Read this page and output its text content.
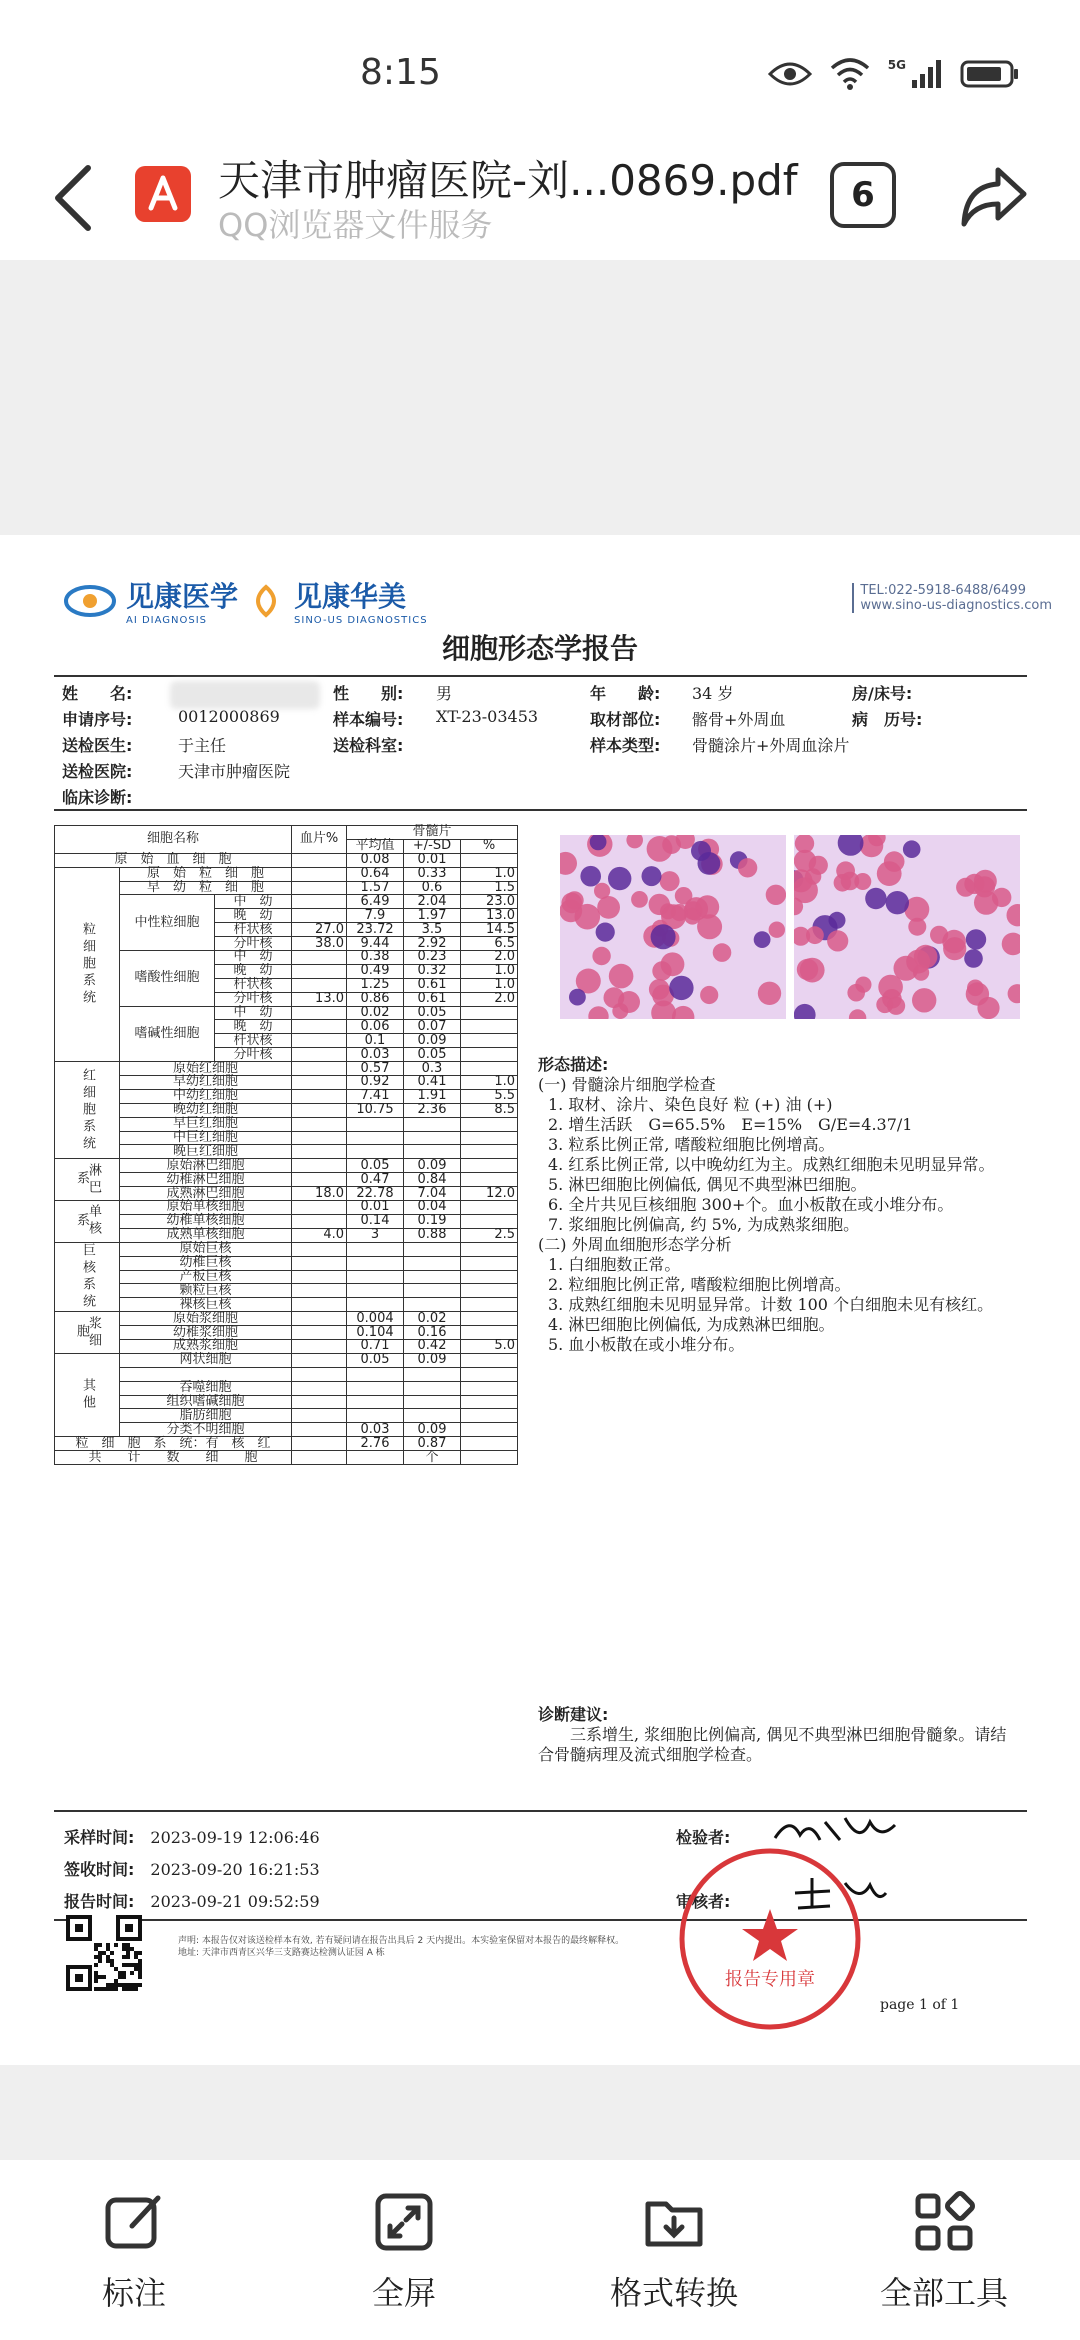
8:15	5G
天津市肿瘤医院-刘...0869.pdf
QQ浏览器文件服务
6
见康医学
AI DIAGNOSIS
见康华美
SINO-US DIAGNOSTICS
TEL:022-5918-6488/6499
www.sino-us-diagnostics.com
细胞形态学报告
姓　　名:	性　　别: 男	年　　龄: 34 岁	房/床号:
申请序号:	0012000869	样本编号: XT-23-03453	取材部位: 髂骨+外周血	病　历号:
送检医生:	于主任	送检科室:	样本类型: 骨髓涂片+外周血涂片
送检医院:	天津市肿瘤医院
临床诊断:
细胞名称			血片%	骨髓片		
				平均值	+/-SD	%
原　始　血　细　胞				0.08	0.01	
粒细胞系统	原　始　粒　细　胞			0.64	0.33	1.0
	早　幼　粒　细　胞			1.57	0.6	1.5
	中性粒细胞	中　幼		6.49	2.04	23.0
		晚　幼		7.9	1.97	13.0
		杆状核	27.0	23.72	3.5	14.5
		分叶核	38.0	9.44	2.92	6.5
	嗜酸性细胞	中　幼		0.38	0.23	2.0
		晚　幼		0.49	0.32	1.0
		杆状核		1.25	0.61	1.0
		分叶核	13.0	0.86	0.61	2.0
	嗜碱性细胞	中　幼		0.02	0.05	
		晚　幼		0.06	0.07	
		杆状核		0.1	0.09	
		分叶核		0.03	0.05	
红细胞系统	原始红细胞			0.57	0.3	
	早幼红细胞			0.92	0.41	1.0
	中幼红细胞			7.41	1.91	5.5
	晚幼红细胞			10.75	2.36	8.5
	早巨红细胞					
	中巨红细胞					
	晚巨红细胞					
淋巴系	原始淋巴细胞			0.05	0.09	
	幼稚淋巴细胞			0.47	0.84	
	成熟淋巴细胞		18.0	22.78	7.04	12.0
单核系	原始单核细胞			0.01	0.04	
	幼稚单核细胞			0.14	0.19	
	成熟单核细胞		4.0	3	0.88	2.5
巨核系统	原始巨核					
	幼稚巨核					
	产板巨核					
	颗粒巨核					
	裸核巨核					
浆细胞	原始浆细胞			0.004	0.02	
	幼稚浆细胞			0.104	0.16	
	成熟浆细胞			0.71	0.42	5.0
其他	网状细胞			0.05	0.09	

	吞噬细胞					
	组织嗜碱细胞					
	脂肪细胞					
	分类不明细胞			0.03	0.09	
粒　细　胞　系　统：有　核　红				2.76	0.87	
共　　计　　数　　细　　胞					个	
形态描述:
(一) 骨髓涂片细胞学检查
1. 取材、涂片、染色良好 粒 (+) 油 (+)
2. 增生活跃　G=65.5%　E=15%　G/E=4.37/1
3. 粒系比例正常, 嗜酸粒细胞比例增高。
4. 红系比例正常, 以中晚幼红为主。成熟红细胞未见明显异常。
5. 淋巴细胞比例偏低, 偶见不典型淋巴细胞。
6. 全片共见巨核细胞 300+个。血小板散在或小堆分布。
7. 浆细胞比例偏高, 约 5%, 为成熟浆细胞。
(二) 外周血细胞形态学分析
1. 白细胞数正常。
2. 粒细胞比例正常, 嗜酸粒细胞比例增高。
3. 成熟红细胞未见明显异常。计数 100 个白细胞未见有核红。
4. 淋巴细胞比例偏低, 为成熟淋巴细胞。
5. 血小板散在或小堆分布。
诊断建议:
三系增生, 浆细胞比例偏高, 偶见不典型淋巴细胞骨髓象。请结合骨髓病理及流式细胞学检查。
采样时间:　 2023-09-19 12:06:46
签收时间:　 2023-09-20 16:21:53
报告时间:　 2023-09-21 09:52:59
检验者:
审核者:
报告专用章
声明: 本报告仅对该送检样本有效, 若有疑问请在报告出具后 2 天内提出。本实验室保留对本报告的最终解释权。
地址: 天津市西青区兴华三支路赛达检测认证园 A 栋
page 1 of 1
标注	全屏	格式转换	全部工具
